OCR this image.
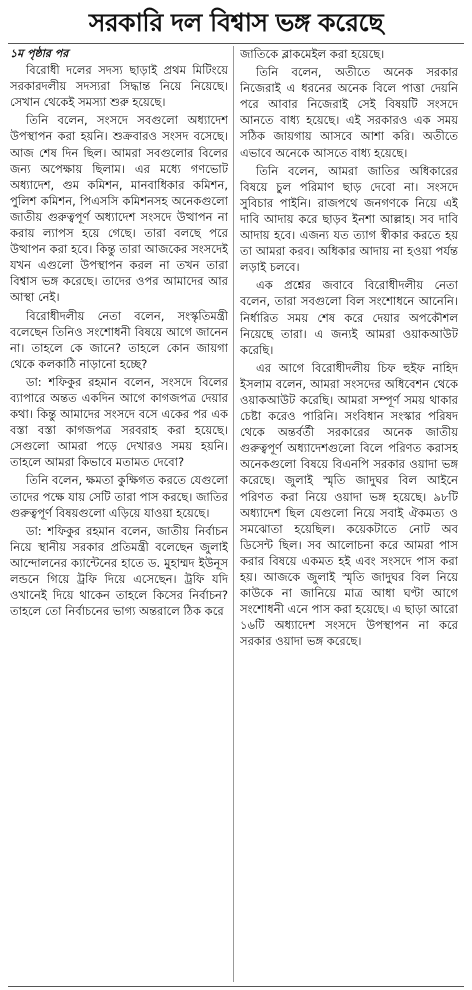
সরকারি দল বিশ্বাস ভঙ্গ করেছে

১ম পৃষ্ঠার পর

বিরোধী দলের সদস্য ছাড়াই প্রথম মিটিংয়ে সরকারদলীয় সদস্যরা সিদ্ধান্ত নিয়ে নিয়েছে। সেখান থেকেই সমস্যা শুরু হয়েছে।

তিনি বলেন, সংসদে সবগুলো অধ্যাদেশ উপস্থাপন করা হয়নি। শুক্রবারও সংসদ বসেছে। আজ শেষ দিন ছিল। আমরা সবগুলোর বিলের জন্য অপেক্ষায় ছিলাম। এর মধ্যে গণভোট অধ্যাদেশ, গুম কমিশন, মানবাধিকার কমিশন, পুলিশ কমিশন, পিএসসি কমিশনসহ অনেকগুলো জাতীয় গুরুত্বপূর্ণ অধ্যাদেশ সংসদে উত্থাপন না করায় ল্যাপস হয়ে গেছে। তারা বলছে পরে উত্থাপন করা হবে। কিন্তু তারা আজকের সংসদেই যখন এগুলো উপস্থাপন করল না তখন তারা বিশ্বাস ভঙ্গ করেছে। তাদের ওপর আমাদের আর আস্থা নেই।

বিরোধীদলীয় নেতা বলেন, সংস্কৃতিমন্ত্রী বলেছেন তিনিও সংশোধনী বিষয়ে আগে জানেন না। তাহলে কে জানে? তাহলে কোন জায়গা থেকে কলকাঠি নাড়ানো হচ্ছে?

ডা: শফিকুর রহমান বলেন, সংসদে বিলের ব্যাপারে অন্তত একদিন আগে কাগজপত্র দেয়ার কথা। কিন্তু আমাদের সংসদে বসে একের পর এক বস্তা বস্তা কাগজপত্র সরবরাহ করা হয়েছে। সেগুলো আমরা পড়ে দেখারও সময় হয়নি। তাহলে আমরা কিভাবে মতামত দেবো?

তিনি বলেন, ক্ষমতা কুক্ষিগত করতে যেগুলো তাদের পক্ষে যায় সেটি তারা পাস করছে। জাতির গুরুত্বপূর্ণ বিষয়গুলো এড়িয়ে যাওয়া হয়েছে।

ডা: শফিকুর রহমান বলেন, জাতীয় নির্বাচন নিয়ে স্থানীয় সরকার প্রতিমন্ত্রী বলেছেন জুলাই আন্দোলনের ক্যান্টেনের হাতে ড. মুহাম্মদ ইউনূস লন্ডনে গিয়ে ট্রফি দিয়ে এসেছেন। ট্রফি যদি ওখানেই দিয়ে থাকেন তাহলে কিসের নির্বাচন? তাহলে তো নির্বাচনের ভাগ্য অন্তরালে ঠিক করে

জাতিকে ব্লাকমেইল করা হয়েছে।

তিনি বলেন, অতীতে অনেক সরকার নিজেরাই এ ধরনের অনেক বিলে পাত্তা দেয়নি পরে আবার নিজেরাই সেই বিষয়টি সংসদে আনতে বাধ্য হয়েছে। এই সরকারও এক সময় সঠিক জায়গায় আসবে আশা করি। অতীতে এভাবে অনেকে আসতে বাধ্য হয়েছে।

তিনি বলেন, আমরা জাতির অধিকারের বিষয়ে চুল পরিমাণ ছাড় দেবো না। সংসদে সুবিচার পাইনি। রাজপথে জনগণকে নিয়ে এই দাবি আদায় করে ছাড়ব ইনশা আল্লাহ। সব দাবি আদায় হবে। এজন্য যত ত্যাগ স্বীকার করতে হয় তা আমরা করব। অধিকার আদায় না হওয়া পর্যন্ত লড়াই চলবে।

এক প্রশ্নের জবাবে বিরোধীদলীয় নেতা বলেন, তারা সবগুলো বিল সংশোধনে আনেনি। নির্ধারিত সময় শেষ করে দেয়ার অপকৌশল নিয়েছে তারা। এ জন্যই আমরা ওয়াকআউট করেছি।

এর আগে বিরোধীদলীয় চিফ হুইফ নাহিদ ইসলাম বলেন, আমরা সংসদের অধিবেশন থেকে ওয়াকআউট করেছি। আমরা সম্পূর্ণ সময় থাকার চেষ্টা করেও পারিনি। সংবিধান সংস্কার পরিষদ থেকে অন্তর্বর্তী সরকারের অনেক জাতীয় গুরুত্বপূর্ণ অধ্যাদেশগুলো বিলে পরিণত করাসহ অনেকগুলো বিষয়ে বিএনপি সরকার ওয়াদা ভঙ্গ করেছে। জুলাই স্মৃতি জাদুঘর বিল আইনে পরিণত করা নিয়ে ওয়াদা ভঙ্গ হয়েছে। ৯৮টি অধ্যাদেশ ছিল যেগুলো নিয়ে সবাই ঐকমত্য ও সমঝোতা হয়েছিল। কয়েকটাতে নোট অব ডিসেন্ট ছিল। সব আলোচনা করে আমরা পাস করার বিষয়ে একমত হই এবং সংসদে পাস করা হয়। আজকে জুলাই স্মৃতি জাদুঘর বিল নিয়ে কাউকে না জানিয়ে মাত্র আধা ঘণ্টা আগে সংশোধনী এনে পাস করা হয়েছে। এ ছাড়া আরো ১৬টি অধ্যাদেশ সংসদে উপস্থাপন না করে সরকার ওয়াদা ভঙ্গ করেছে।
